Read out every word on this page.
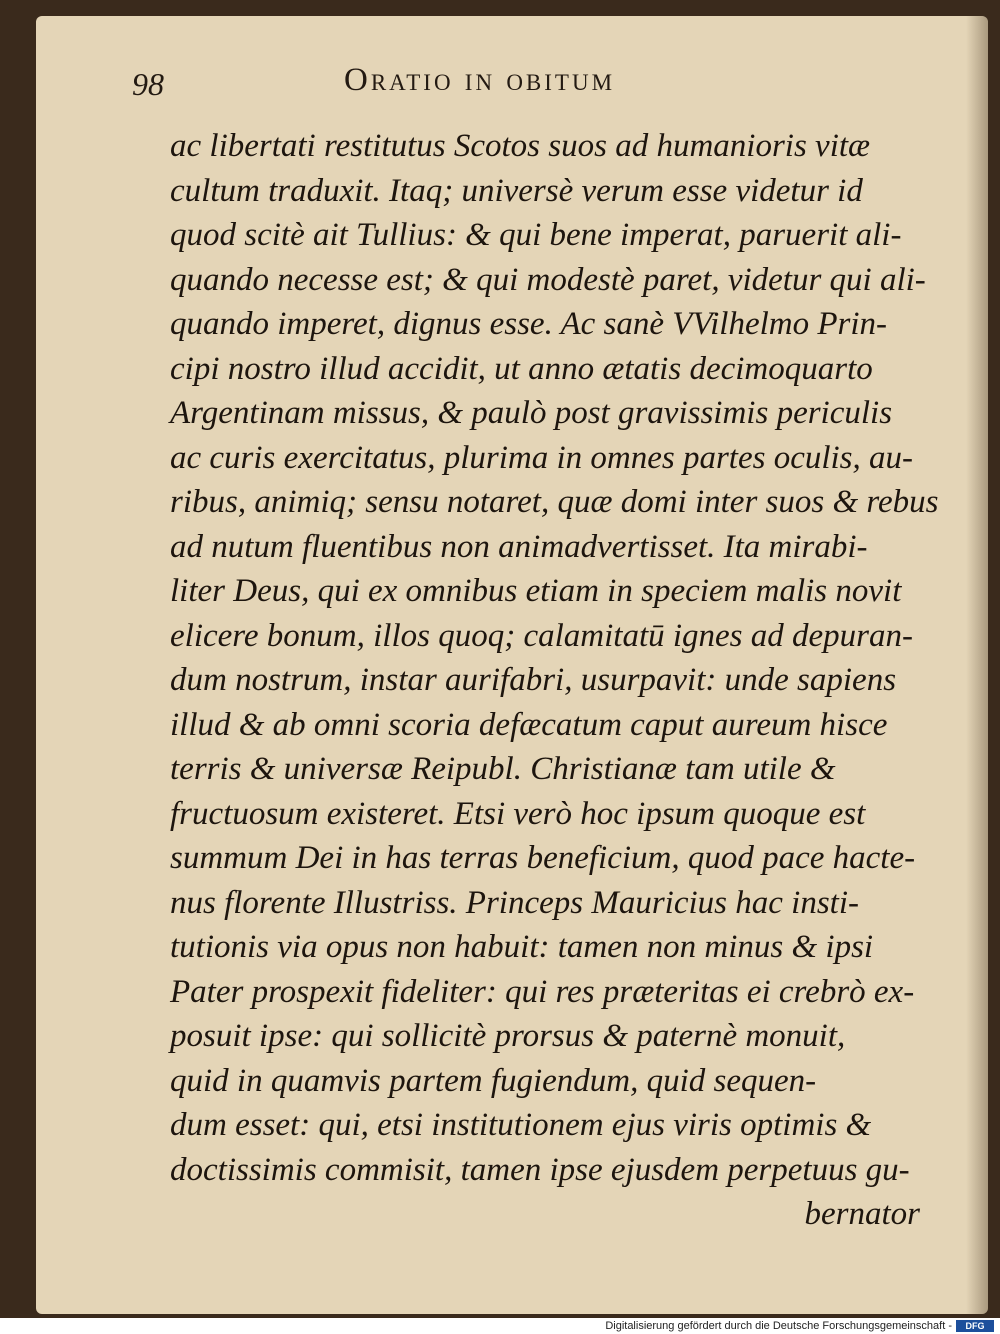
98	Oratio in obitum
ac libertati restitutus Scotos suos ad humanioris vitæ
cultum traduxit. Itaq; universè verum esse videtur id
quod scitè ait Tullius: & qui bene imperat, paruerit ali-
quando necesse est; & qui modestè paret, videtur qui ali-
quando imperet, dignus esse. Ac sanè VVilhelmo Prin-
cipi nostro illud accidit, ut anno ætatis decimoquarto
Argentinam missus, & paulò post gravissimis periculis
ac curis exercitatus, plurima in omnes partes oculis, au-
ribus, animiq; sensu notaret, quæ domi inter suos & rebus
ad nutum fluentibus non animadvertisset. Ita mirabi-
liter Deus, qui ex omnibus etiam in speciem malis novit
elicere bonum, illos quoq; calamitatū ignes ad depuran-
dum nostrum, instar aurifabri, usurpavit: unde sapiens
illud & ab omni scoria defæcatum caput aureum hisce
terris & universæ Reipubl. Christianæ tam utile &
fructuosum existeret. Etsi verò hoc ipsum quoque est
summum Dei in has terras beneficium, quod pace hacte-
nus florente Illustriss. Princeps Mauricius hac insti-
tutionis via opus non habuit: tamen non minus & ipsi
Pater prospexit fideliter: qui res præteritas ei crebrò ex-
posuit ipse: qui sollicitè prorsus & paternè monuit,
quid in quamvis partem fugiendum, quid sequen-
dum esset: qui, etsi institutionem ejus viris optimis &
doctissimis commisit, tamen ipse ejusdem perpetuus gu-
bernator
Digitalisierung gefördert durch die Deutsche Forschungsgemeinschaft -	DFG
